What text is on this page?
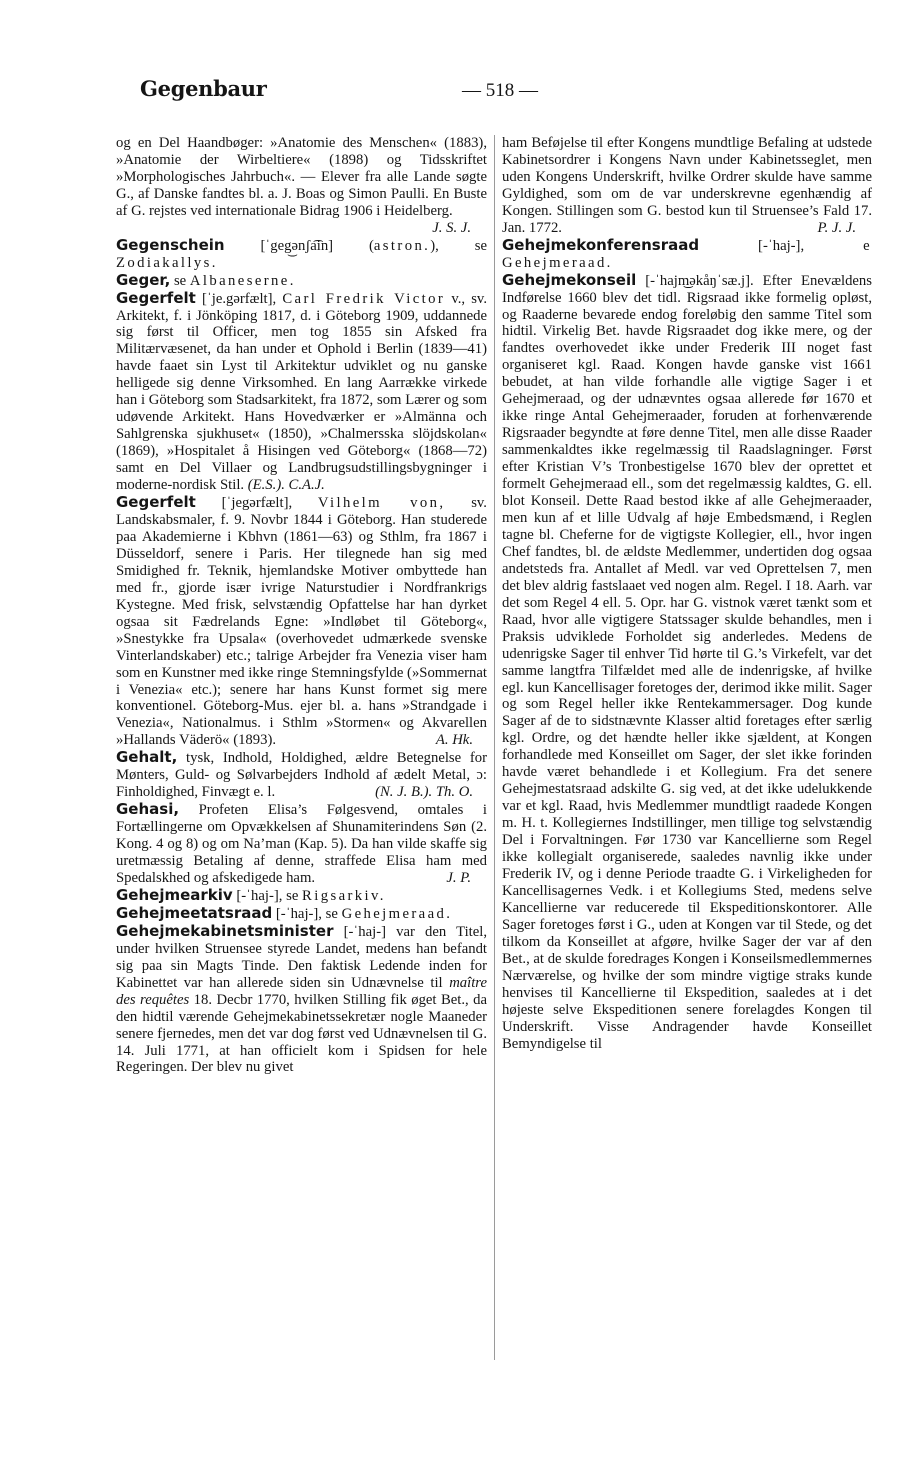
Gegenbaur	— 518 —

og en Del Haandbøger: »Anatomie des Menschen« (1883), »Anatomie der Wirbeltiere« (1898) og Tidsskriftet »Morphologisches Jahrbuch«. — Elever fra alle Lande søgte G., af Danske fandtes bl. a. J. Boas og Simon Paulli. En Buste af G. rejstes ved internationale Bidrag 1906 i Heidelberg.
J. S. J.

Gegenschein [ˈgeg͜ənʃa͡in] (astron.), se Zodiakallys.

Geger, se Albaneserne.

Gegerfelt [ˈje.gərfælt], Carl Fredrik Victor v., sv. Arkitekt, f. i Jönköping 1817, d. i Göteborg 1909, uddannede sig først til Officer, men tog 1855 sin Afsked fra Militærvæsenet, da han under et Ophold i Berlin (1839—41) havde faaet sin Lyst til Arkitektur udviklet og nu ganske helligede sig denne Virksomhed. En lang Aarrække virkede han i Göteborg som Stadsarkitekt, fra 1872, som Lærer og som udøvende Arkitekt. Hans Hovedværker er »Almänna och Sahlgrenska sjukhuset« (1850), »Chalmersska slöjdskolan« (1869), »Hospitalet å Hisingen ved Göteborg« (1868—72) samt en Del Villaer og Landbrugsudstillingsbygninger i moderne-nordisk Stil. (E.S.). C.A.J.

Gegerfelt [ˈjegərfælt], Vilhelm von, sv. Landskabsmaler, f. 9. Novbr 1844 i Göteborg. Han studerede paa Akademierne i Kbhvn (1861—63) og Sthlm, fra 1867 i Düsseldorf, senere i Paris. Her tilegnede han sig med Smidighed fr. Teknik, hjemlandske Motiver ombyttede han med fr., gjorde især ivrige Naturstudier i Nordfrankrigs Kystegne. Med frisk, selvstændig Opfattelse har han dyrket ogsaa sit Fædrelands Egne: »Indløbet til Göteborg«, »Snestykke fra Upsala« (overhovedet udmærkede svenske Vinterlandskaber) etc.; talrige Arbejder fra Venezia viser ham som en Kunstner med ikke ringe Stemningsfylde (»Sommernat i Venezia« etc.); senere har hans Kunst formet sig mere konventionel. Göteborg-Mus. ejer bl. a. hans »Strandgade i Venezia«, Nationalmus. i Sthlm »Stormen« og Akvarellen »Hallands Väderö« (1893).	A. Hk.

Gehalt, tysk, Indhold, Holdighed, ældre Betegnelse for Mønters, Guld- og Sølvarbejders Indhold af ædelt Metal, ɔ: Finholdighed, Finvægt e. l.	(N. J. B.). Th. O.

Gehasi, Profeten Elisa’s Følgesvend, omtales i Fortællingerne om Opvækkelsen af Shunamiterindens Søn (2. Kong. 4 og 8) og om Na’man (Kap. 5). Da han vilde skaffe sig uretmæssig Betaling af denne, straffede Elisa ham med Spedalskhed og afskedigede ham.	J. P.

Gehejmearkiv [-ˈhaj-], se Rigsarkiv.

Gehejmeetatsraad [-ˈhaj-], se Gehejmeraad.

Gehejmekabinetsminister [-ˈhaj-] var den Titel, under hvilken Struensee styrede Landet, medens han befandt sig paa sin Magts Tinde. Den faktisk Ledende inden for Kabinettet var han allerede siden sin Udnævnelse til maître des requêtes 18. Decbr 1770, hvilken Stilling fik øget Bet., da den hidtil værende Gehejmekabinetssekretær nogle Maaneder senere fjernedes, men det var dog først ved Udnævnelsen til G. 14. Juli 1771, at han officielt kom i Spidsen for hele Regeringen. Der blev nu givet

ham Beføjelse til efter Kongens mundtlige Befaling at udstede Kabinetsordrer i Kongens Navn under Kabinetsseglet, men uden Kongens Underskrift, hvilke Ordrer skulde have samme Gyldighed, som om de var underskrevne egenhændig af Kongen. Stillingen som G. bestod kun til Struensee’s Fald 17. Jan. 1772.	P. J. J.

Gehejmekonferensraad [-ˈhaj-], e Gehejmeraad.

Gehejmekonseil [-ˈhajm͜əkåŋˈsæ.j]. Efter Enevældens Indførelse 1660 blev det tidl. Rigsraad ikke formelig opløst, og Raaderne bevarede endog foreløbig den samme Titel som hidtil. Virkelig Bet. havde Rigsraadet dog ikke mere, og der fandtes overhovedet ikke under Frederik III noget fast organiseret kgl. Raad. Kongen havde ganske vist 1661 bebudet, at han vilde forhandle alle vigtige Sager i et Gehejmeraad, og der udnævntes ogsaa allerede før 1670 et ikke ringe Antal Gehejmeraader, foruden at forhenværende Rigsraader begyndte at føre denne Titel, men alle disse Raader sammenkaldtes ikke regelmæssig til Raadslagninger. Først efter Kristian V’s Tronbestigelse 1670 blev der oprettet et formelt Gehejmeraad ell., som det regelmæssig kaldtes, G. ell. blot Konseil. Dette Raad bestod ikke af alle Gehejmeraader, men kun af et lille Udvalg af høje Embedsmænd, i Reglen tagne bl. Cheferne for de vigtigste Kollegier, ell., hvor ingen Chef fandtes, bl. de ældste Medlemmer, undertiden dog ogsaa andetsteds fra. Antallet af Medl. var ved Oprettelsen 7, men det blev aldrig fastslaaet ved nogen alm. Regel. I 18. Aarh. var det som Regel 4 ell. 5. Opr. har G. vistnok været tænkt som et Raad, hvor alle vigtigere Statssager skulde behandles, men i Praksis udviklede Forholdet sig anderledes. Medens de udenrigske Sager til enhver Tid hørte til G.’s Virkefelt, var det samme langtfra Tilfældet med alle de indenrigske, af hvilke egl. kun Kancellisager foretoges der, derimod ikke milit. Sager og som Regel heller ikke Rentekammersager. Dog kunde Sager af de to sidstnævnte Klasser altid foretages efter særlig kgl. Ordre, og det hændte heller ikke sjældent, at Kongen forhandlede med Konseillet om Sager, der slet ikke forinden havde været behandlede i et Kollegium. Fra det senere Gehejmestatsraad adskilte G. sig ved, at det ikke udelukkende var et kgl. Raad, hvis Medlemmer mundtligt raadede Kongen m. H. t. Kollegiernes Indstillinger, men tillige tog selvstændig Del i Forvaltningen. Før 1730 var Kancellierne som Regel ikke kollegialt organiserede, saaledes navnlig ikke under Frederik IV, og i denne Periode traadte G. i Virkeligheden for Kancellisagernes Vedk. i et Kollegiums Sted, medens selve Kancellierne var reducerede til Ekspeditionskontorer. Alle Sager foretoges først i G., uden at Kongen var til Stede, og det tilkom da Konseillet at afgøre, hvilke Sager der var af den Bet., at de skulde foredrages Kongen i Konseilsmedlemmernes Nærværelse, og hvilke der som mindre vigtige straks kunde henvises til Kancellierne til Ekspedition, saaledes at i det højeste selve Ekspeditionen senere forelagdes Kongen til Underskrift. Visse Andragender havde Konseillet Bemyndigelse til
